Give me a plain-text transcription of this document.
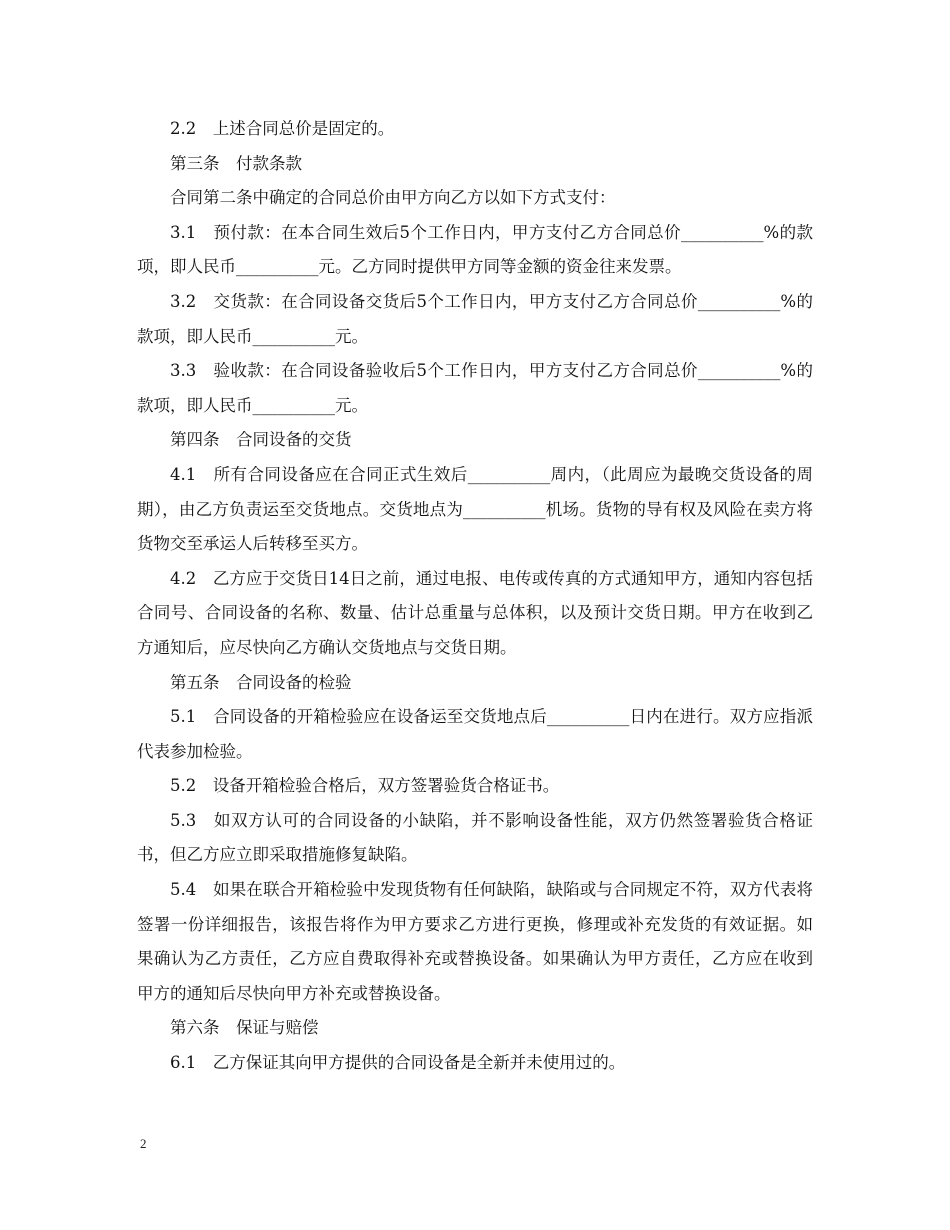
2.2　上述合同总价是固定的。

第三条　付款条款

合同第二条中确定的合同总价由甲方向乙方以如下方式支付：

3.1　预付款：在本合同生效后5个工作日内，甲方支付乙方合同总价__________%的款项，即人民币__________元。乙方同时提供甲方同等金额的资金往来发票。

3.2　交货款：在合同设备交货后5个工作日内，甲方支付乙方合同总价__________%的款项，即人民币__________元。

3.3　验收款：在合同设备验收后5个工作日内，甲方支付乙方合同总价__________%的款项，即人民币__________元。

第四条　合同设备的交货

4.1　所有合同设备应在合同正式生效后__________周内，（此周应为最晚交货设备的周期），由乙方负责运至交货地点。交货地点为__________机场。货物的导有权及风险在卖方将货物交至承运人后转移至买方。

4.2　乙方应于交货日14日之前，通过电报、电传或传真的方式通知甲方，通知内容包括合同号、合同设备的名称、数量、估计总重量与总体积，以及预计交货日期。甲方在收到乙方通知后，应尽快向乙方确认交货地点与交货日期。

第五条　合同设备的检验

5.1　合同设备的开箱检验应在设备运至交货地点后__________日内在进行。双方应指派代表参加检验。

5.2　设备开箱检验合格后，双方签署验货合格证书。

5.3　如双方认可的合同设备的小缺陷，并不影响设备性能，双方仍然签署验货合格证书，但乙方应立即采取措施修复缺陷。

5.4　如果在联合开箱检验中发现货物有任何缺陷，缺陷或与合同规定不符，双方代表将签署一份详细报告，该报告将作为甲方要求乙方进行更换，修理或补充发货的有效证据。如果确认为乙方责任，乙方应自费取得补充或替换设备。如果确认为甲方责任，乙方应在收到甲方的通知后尽快向甲方补充或替换设备。

第六条　保证与赔偿

6.1　乙方保证其向甲方提供的合同设备是全新并未使用过的。

2
